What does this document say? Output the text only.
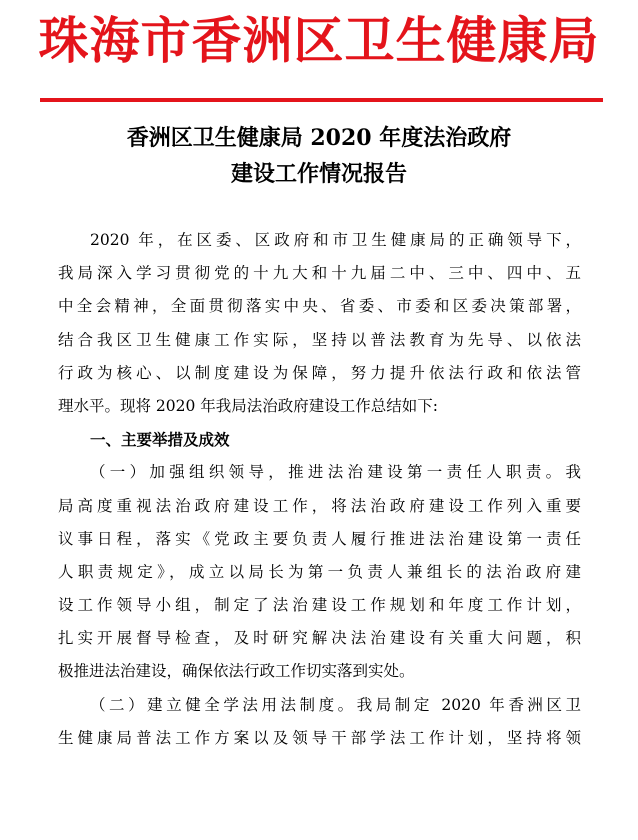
珠海市香洲区卫生健康局
香洲区卫生健康局 2020 年度法治政府
建设工作情况报告
2020 年，在区委、区政府和市卫生健康局的正确领导下，
我局深入学习贯彻党的十九大和十九届二中、三中、四中、五
中全会精神，全面贯彻落实中央、省委、市委和区委决策部署，
结合我区卫生健康工作实际，坚持以普法教育为先导、以依法
行政为核心、以制度建设为保障，努力提升依法行政和依法管
理水平。现将 2020 年我局法治政府建设工作总结如下:
一、主要举措及成效
（一）加强组织领导，推进法治建设第一责任人职责。我
局高度重视法治政府建设工作，将法治政府建设工作列入重要
议事日程，落实《党政主要负责人履行推进法治建设第一责任
人职责规定》，成立以局长为第一负责人兼组长的法治政府建
设工作领导小组，制定了法治建设工作规划和年度工作计划，
扎实开展督导检查，及时研究解决法治建设有关重大问题，积
极推进法治建设，确保依法行政工作切实落到实处。
（二）建立健全学法用法制度。我局制定 2020 年香洲区卫
生健康局普法工作方案以及领导干部学法工作计划，坚持将领
